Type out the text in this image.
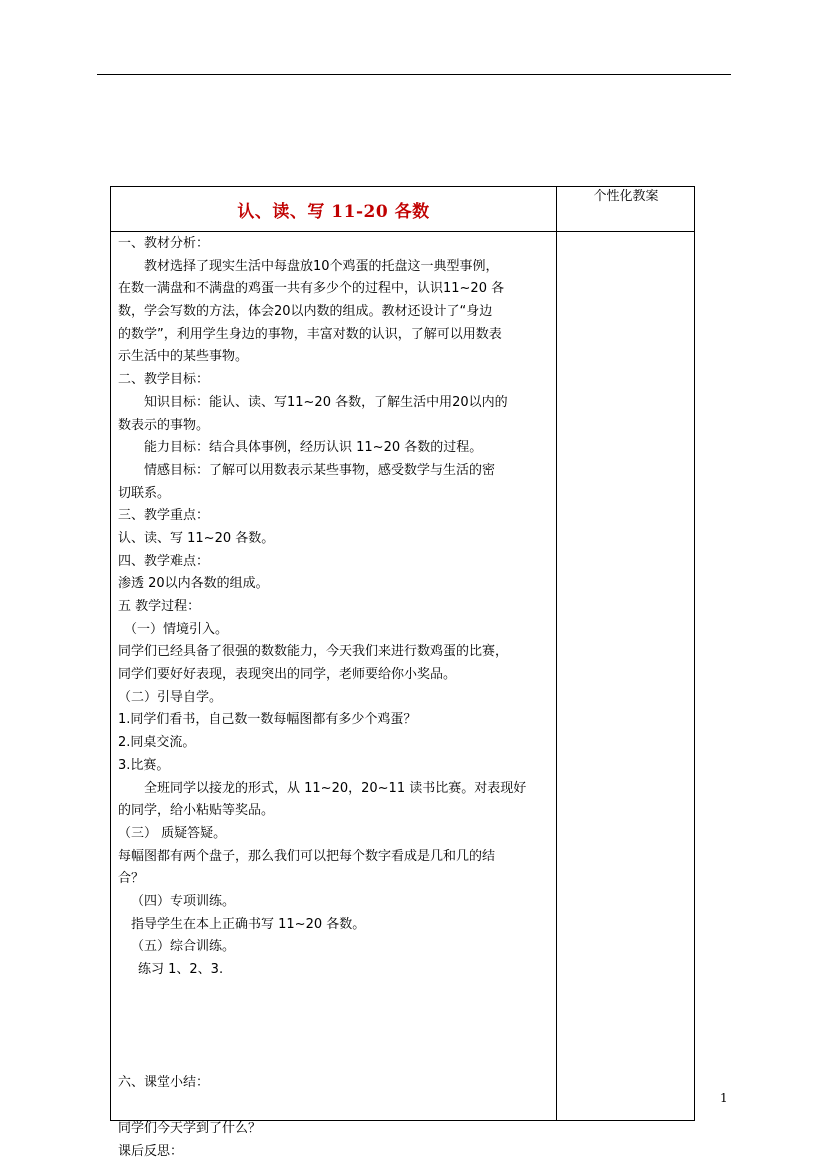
认、读、写 11-20 各数
个性化教案
一、教材分析：
教材选择了现实生活中每盘放10个鸡蛋的托盘这一典型事例，
在数一满盘和不满盘的鸡蛋一共有多少个的过程中，认识11~20 各
数，学会写数的方法，体会20以内数的组成。教材还设计了“身边
的数学”，利用学生身边的事物，丰富对数的认识，了解可以用数表
示生活中的某些事物。
二、教学目标：
知识目标：能认、读、写11~20 各数，了解生活中用20以内的
数表示的事物。
能力目标：结合具体事例，经历认识 11~20 各数的过程。
情感目标：了解可以用数表示某些事物，感受数学与生活的密
切联系。
三、教学重点：
认、读、写 11~20 各数。
四、教学难点：
渗透 20以内各数的组成。
五 教学过程：
（一）情境引入。
同学们已经具备了很强的数数能力，今天我们来进行数鸡蛋的比赛，
同学们要好好表现，表现突出的同学，老师要给你小奖品。
（二）引导自学。
1.同学们看书，自己数一数每幅图都有多少个鸡蛋？
2.同桌交流。
3.比赛。
全班同学以接龙的形式，从 11~20，20~11 读书比赛。对表现好
的同学，给小粘贴等奖品。
（三） 质疑答疑。
每幅图都有两个盘子，那么我们可以把每个数字看成是几和几的结
合？
（四）专项训练。
指导学生在本上正确书写 11~20 各数。
（五）综合训练。
练习 1、2、3.
六、课堂小结：
同学们今天学到了什么？
课后反思：
1
